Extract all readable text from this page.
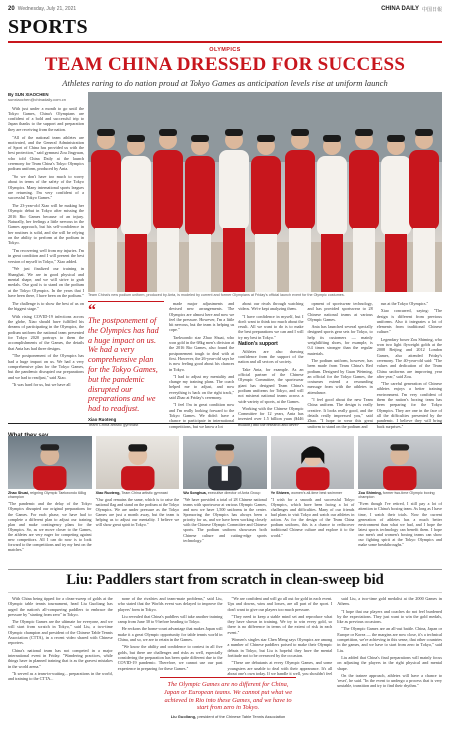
20 Wednesday, July 21, 2021	CHINA DAILY 中国日報
SPORTS
OLYMPICS
TEAM CHINA DRESSED FOR SUCCESS
Athletes raring to do nation proud at Tokyo Games as anticipation levels rise at uniform launch
By SUN XIAOCHEN
sunxiaochen@chinadaily.com.cn

With just under a month to go until the Tokyo Games, China's Olympians are confident of a bold and successful trip to Japan thanks to the support and preparation they are receiving from the nation.

"All of the national team athletes are motivated, and the General Administration of Sport of China has provided us with the best protection," said gymnast Zou Jingyuan, who told China Daily at the launch ceremony for Team China's Tokyo Olympics podium uniform, produced by Anta.

"So we don't have too much to worry about in terms of the safety of the Tokyo Olympics. Many international sports leagues are returning. I'm very confident of a successful Tokyo Games."

The 23-year-old Xiao will be making her Olympic debut in Tokyo after missing the 2016 Rio Games because of an injury. Naturally, her feelings a little nervous in the Games approach, but his self-confidence in her routines is solid, and she will be relying on the ability to perform at the podium in Tokyo.

"I'm recovering well from my injuries. I'm in great condition and I will present the best version of myself in Tokyo," Xiao added.

"We just finalized our training in Shanghai. We are in good physical and mental shape, and we will strive to grab medals. Our goal is to stand on the podium at the Tokyo Olympics. In the years that I have been there, I have been on the podium."

The challenge is to show the best of us on the biggest stage."

With rising COVID-19 infections across the globe, Xiao should have fulfilled his dreams of participating in the Olympics, the podium uniform the national team presented for Tokyo 2020 portrays to them the accomplishments of the Games, the details that Anta has had three designs.

"The postponement of the Olympics has had a huge impact on us. We had a very comprehensive plan for the Tokyo Games, but the pandemic disrupted our preparations and we had to readjust," said Xiao.

"It was hard for us, but we have all

Team China's new podium uniform, produced by Anta, is modeled by current and former Olympians at Friday's official launch event for the Olympic costumes.
“
The postponement of the Olympics has had a huge impact on us. We had a very comprehensive plan for the Tokyo Games, but the pandemic disrupted our preparations and we had to readjust.
Xiao Ruoteng
Team China artistic gymnast

made major adjustments and devised new arrangements. The Olympics are almost here and now we feel the pressure. However, I'm a little bit nervous, but the team is helping us cope."

Taekwondo star Zhao Shuai, who won gold in the 68kg men's division at the 2016 Rio Games, also found the postponement tough to deal with at first. However, the 26-year-old says he is now feeling good about his chances in Tokyo.

"I had to adjust my mentality and change my training plans. The coach helped me to adjust, and now everything is back on the right track," said Zhao at Friday's ceremony.

"I feel I'm in great condition now and I'm really looking forward to the Tokyo Games. We didn't have a chance to participate in international competitions, but we know a lot

about our rivals through watching videos. We're kept analyzing them.

"I have confidence in myself, but I don't want to think too much about the result. All we want to do is to make the best preparations we can and I will try my best in Tokyo."

Nation's support

Athletes are also drawing confidence from the support of the nation and all sectors of society.

Take Anta, for example. As an official partner of the Chinese Olympic Committee, the sportswear giant has designed Team China's podium uniforms for Tokyo, and will not mistreat national teams across a wide variety of sports, at the Games.

Working with the Chinese Olympic Committee for 12 years, Anta has invested over 1.5 billion yuan ($446 million) into the research and devel-

opment of sportswear technology, and has provided sportswear to 28 Chinese national teams at various Olympic Games.

Anta has launched several specially designed sports gear sets for Tokyo, to help its customers — mainly weightlifting shoes, for example, is 0.4 times stronger than the regular materials.

The podium uniform, however, has been made from Team China's Red podium. Designed by Guan Weiming, an official for the Tokyo Games, the costumes extend a resounding message from with the athletes in attendance.

"I feel good about the new Team China uniform. The design is really creative. It looks really good, and the details really impressed you," said Zhao. "I hope to wear this great uniform to stand on the podium and

run at the Tokyo Olympics."

Xiao concurred, saying: "The design is different from previous uniforms. Also it integrates a lot of elements from traditional Chinese culture."

Legendary boxer Zou Shiming, who won two light flyweight golds at the 2008 Beijing and 2012 London Games, also attended Friday's ceremony. The 40-year-old said: "The values and dedication of the Team China uniforms are improving year after year," said Zou.

"The careful generation of Chinese athletes enjoys a better training environment. I'm very confident of them the nation's boxing team has been preparing for the Tokyo Olympics. They are one in the face of all the difficulties presented by the pandemic. I believe they will bring back surprises."

Zhao Shuai, reigning Olympic Taekwondo 68kg champion
"The pandemic and the delay of the Tokyo Olympics disrupted our original preparations for the Games. For each phase, we have had to complete a different plan to adjust our training plan and make contingency plans for the Olympics. So, as we move closer to the Games, the athletes are very eager for competing against new competitors. All I can do now is to look forward to the competitions and try my best on the matches."
Xiao Ruoteng, Team China artistic gymnast
"Our goal remains the same, which is to raise the national flag and stand on the podium at the Tokyo Olympics. We are under pressure as the Tokyo Games are just a month away, but the team is helping us to adjust our mentality. I believe we will show great spirit in Tokyo."
Wu Songhua, executive director of Anta Group
"We have provided a total of 28 Chinese national teams with sportswear at various Olympic Games, and now we have 1,500 uniforms in the center. Sponsoring the Olympics has always been a priority for us, and we have been working closely with the Chinese Olympic Committee and Chinese sports. The podium uniform showcases both Chinese culture and cutting-edge sports technology."
Ye Shiwen, women's all-time best swimmer
"I wish for a smooth and successful Tokyo Olympics, which have been facing a lot of challenges and difficulties. Many of our friends had plans to visit Tokyo and watch our athletes in action. As for the design of the Team China podium uniform, this is a chance to rediscover traditional Chinese culture and explore it to the world."
Zou Shiming, former two-time Olympic boxing champion
"Even though I've retired, I still pay a lot of attention to China's boxing team. As long as I have time, I watch their trials. Now the current generation of athletes has a much better environment than what we had, and I hope the latest sports technology can benefit them. I hope our men's and women's boxing teams can show our fighting spirit at the Tokyo Olympics and make some breakthroughs."
Liu: Paddlers start from scratch in clean-sweep bid

With China being tipped for a clean-sweep of golds at the Olympic table tennis tournament, head Liu Guoliang has urged the nation's all-conquering paddlers to embrace the pressure by "starting from zero" in Tokyo.

The Olympic Games are the ultimate for everyone, and we will start from scratch in Tokyo," said Liu, a two-time Olympic champion and president of the Chinese Table Tennis Association (CTTA), in a recent video shared with Chinese reporters.

China's national team has not competed in a major international event in Friday. "Wandering practices, while things have in planned training that is as the gravest mistakes in the world arena."

"It served as a team-in-waiting... preparations in the world, and training to the CTTA...

none of the rivalries and team-mate problems," said Liu, who stated that the Worlds event was delayed to improve the players' form in Tokyo.

Liu revealed that China's paddlers will take another training camp from June 30 to 9 before heading to Tokyo.

He reckons the home-court advantage that makes Japan will make it a great Olympic opportunity for table tennis world in China, and so, we are to retain in the Games.

"We know the ability and confidence to contest in all five golds, but there are challenges and risks as well, especially considering the preparation has been quite different due to the COVID-19 pandemic. Therefore, we cannot use our past experience in preparing for these Games."

"We are confident and will go all out for gold in each event. Ups and downs, wins and losses, are all part of the sport. I don't want to give our players too much pressure.

"They need to keep a stable mind set and reproduce what they have shown in training. We try to win every gold, so there is no difference in terms of the extent of risk in each event."

Women's singles star Chen Meng says Olympics are among a number of Chinese paddlers poised to make their Olympic debuts in Tokyo, but Liu is hopeful they have the mental fortitude not to be overawed by the occasion.

"These are debutants at every Olympic Games, and some youngsters are unable to deal with their appearance. It's all about one's own today. If we handle it well, you shouldn't feel

said Liu, a two-time gold medalist at the 2000 Games in Athens.

"I hope that our players and coaches do not feel burdened by the expectations. They just want to win the gold medals, like as previous occasions.

"The Olympic Games are an all-out battle. China, Japan or Europe or Korea — the margins are now close, it's a technical competition, we're achieving in this sense, that other countries in the games, and we have to start from zero in Tokyo," said Liu.

Liu added that China's final preparations will mainly focus on adjusting the players in the right physical and mental shape.

On the trainee approach, athletes will have a chance to 'reset', he said. "In the event to undergo a process that is very unstable, transition and try to find their rhythm."

The Olympic Games are no different for China, Japan or European teams. We cannot put what we achieved in Rio into these Games, and we have to start from zero in Tokyo.
Liu Guoliang, president of the Chinese Table Tennis Association
